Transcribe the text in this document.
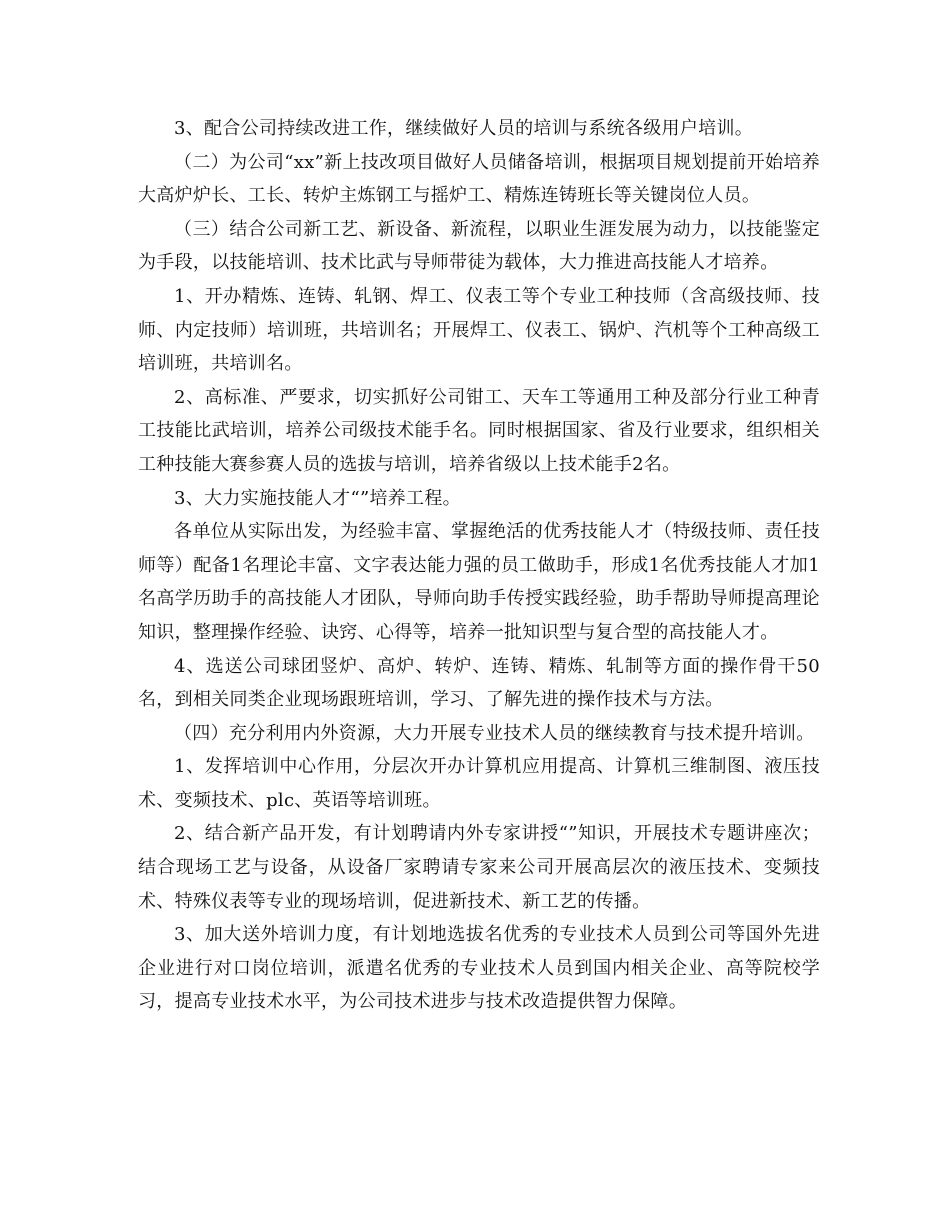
3、配合公司持续改进工作，继续做好人员的培训与系统各级用户培训。

（二）为公司“xx”新上技改项目做好人员储备培训，根据项目规划提前开始培养大高炉炉长、工长、转炉主炼钢工与摇炉工、精炼连铸班长等关键岗位人员。

（三）结合公司新工艺、新设备、新流程，以职业生涯发展为动力，以技能鉴定为手段，以技能培训、技术比武与导师带徒为载体，大力推进高技能人才培养。

1、开办精炼、连铸、轧钢、焊工、仪表工等个专业工种技师（含高级技师、技师、内定技师）培训班，共培训名；开展焊工、仪表工、锅炉、汽机等个工种高级工培训班，共培训名。

2、高标准、严要求，切实抓好公司钳工、天车工等通用工种及部分行业工种青工技能比武培训，培养公司级技术能手名。同时根据国家、省及行业要求，组织相关工种技能大赛参赛人员的选拔与培训，培养省级以上技术能手2名。

3、大力实施技能人才“”培养工程。

各单位从实际出发，为经验丰富、掌握绝活的优秀技能人才（特级技师、责任技师等）配备1名理论丰富、文字表达能力强的员工做助手，形成1名优秀技能人才加1名高学历助手的高技能人才团队，导师向助手传授实践经验，助手帮助导师提高理论知识，整理操作经验、诀窍、心得等，培养一批知识型与复合型的高技能人才。

4、选送公司球团竖炉、高炉、转炉、连铸、精炼、轧制等方面的操作骨干50名，到相关同类企业现场跟班培训，学习、了解先进的操作技术与方法。

（四）充分利用内外资源，大力开展专业技术人员的继续教育与技术提升培训。

1、发挥培训中心作用，分层次开办计算机应用提高、计算机三维制图、液压技术、变频技术、plc、英语等培训班。

2、结合新产品开发，有计划聘请内外专家讲授“”知识，开展技术专题讲座次；结合现场工艺与设备，从设备厂家聘请专家来公司开展高层次的液压技术、变频技术、特殊仪表等专业的现场培训，促进新技术、新工艺的传播。

3、加大送外培训力度，有计划地选拔名优秀的专业技术人员到公司等国外先进企业进行对口岗位培训，派遣名优秀的专业技术人员到国内相关企业、高等院校学习，提高专业技术水平，为公司技术进步与技术改造提供智力保障。
